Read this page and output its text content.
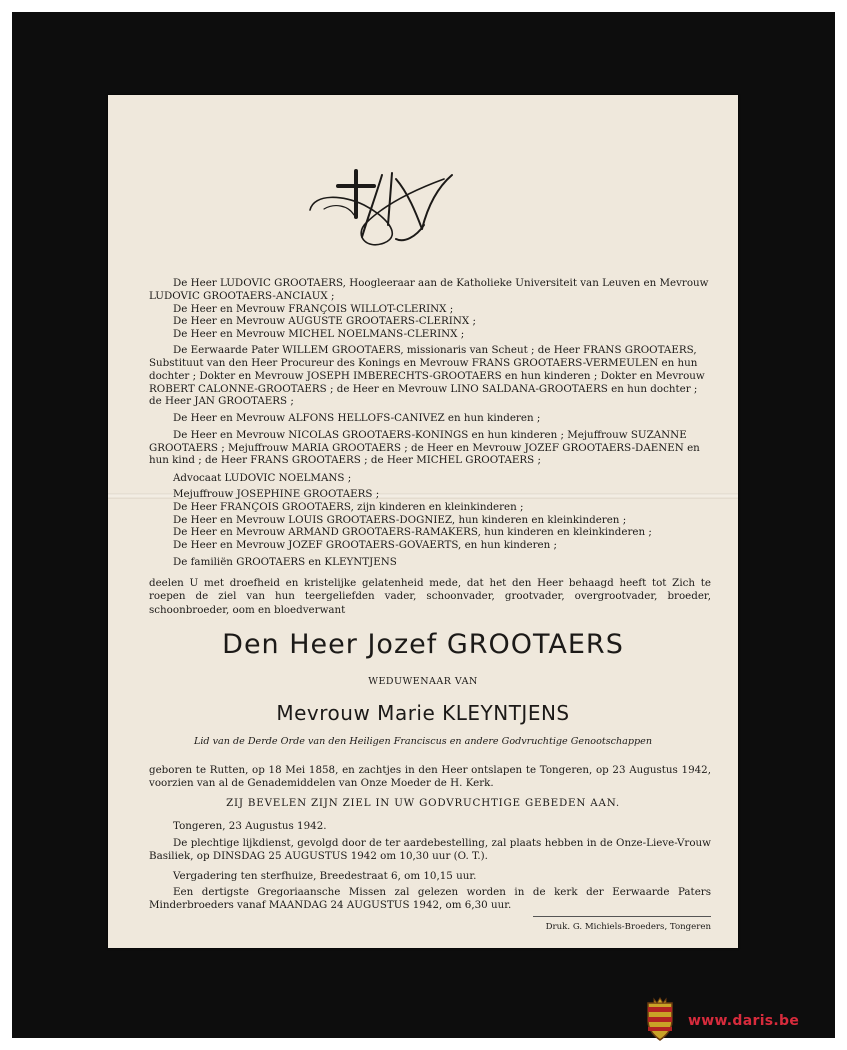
De Heer LUDOVIC GROOTAERS, Hoogleeraar aan de Katholieke Universiteit van Leuven en Mevrouw
LUDOVIC GROOTAERS-ANCIAUX ;
De Heer en Mevrouw FRANÇOIS WILLOT-CLERINX ;
De Heer en Mevrouw AUGUSTE GROOTAERS-CLERINX ;
De Heer en Mevrouw MICHEL NOELMANS-CLERINX ;
De Eerwaarde Pater WILLEM GROOTAERS, missionaris van Scheut ; de Heer FRANS GROOTAERS,
Substituut van den Heer Procureur des Konings en Mevrouw FRANS GROOTAERS-VERMEULEN en hun
dochter ; Dokter en Mevrouw JOSEPH IMBERECHTS-GROOTAERS en hun kinderen ; Dokter en Mevrouw
ROBERT CALONNE-GROOTAERS ; de Heer en Mevrouw LINO SALDANA-GROOTAERS en hun dochter ;
de Heer JAN GROOTAERS ;
De Heer en Mevrouw ALFONS HELLOFS-CANIVEZ en hun kinderen ;
De Heer en Mevrouw NICOLAS GROOTAERS-KONINGS en hun kinderen ; Mejuffrouw SUZANNE
GROOTAERS ; Mejuffrouw MARIA GROOTAERS ; de Heer en Mevrouw JOZEF GROOTAERS-DAENEN en
hun kind ; de Heer FRANS GROOTAERS ; de Heer MICHEL GROOTAERS ;
Advocaat LUDOVIC NOELMANS ;
Mejuffrouw JOSEPHINE GROOTAERS ;
De Heer FRANÇOIS GROOTAERS, zijn kinderen en kleinkinderen ;
De Heer en Mevrouw LOUIS GROOTAERS-DOGNIEZ, hun kinderen en kleinkinderen ;
De Heer en Mevrouw ARMAND GROOTAERS-RAMAKERS, hun kinderen en kleinkinderen ;
De Heer en Mevrouw JOZEF GROOTAERS-GOVAERTS, en hun kinderen ;
De familiën GROOTAERS en KLEYNTJENS
deelen U met droefheid en kristelijke gelatenheid mede, dat het den Heer behaagd heeft tot Zich te roepen de ziel van hun teergeliefden vader, schoonvader, grootvader, overgrootvader, broeder, schoonbroeder, oom en bloedverwant
Den Heer Jozef GROOTAERS
WEDUWENAAR VAN
Mevrouw Marie KLEYNTJENS
Lid van de Derde Orde van den Heiligen Franciscus en andere Godvruchtige Genootschappen
geboren te Rutten, op 18 Mei 1858, en zachtjes in den Heer ontslapen te Tongeren, op 23 Augustus 1942, voorzien van al de Genademiddelen van Onze Moeder de H. Kerk.
ZIJ BEVELEN ZIJN ZIEL IN UW GODVRUCHTIGE GEBEDEN AAN.
Tongeren, 23 Augustus 1942.
De plechtige lijkdienst, gevolgd door de ter aardebestelling, zal plaats hebben in de Onze-Lieve-Vrouw Basiliek, op DINSDAG 25 AUGUSTUS 1942 om 10,30 uur (O. T.).
Vergadering ten sterfhuize, Breedestraat 6, om 10,15 uur.
Een dertigste Gregoriaansche Missen zal gelezen worden in de kerk der Eerwaarde Paters Minderbroeders vanaf MAANDAG 24 AUGUSTUS 1942, om 6,30 uur.
Druk. G. Michiels-Broeders, Tongeren
www.daris.be
